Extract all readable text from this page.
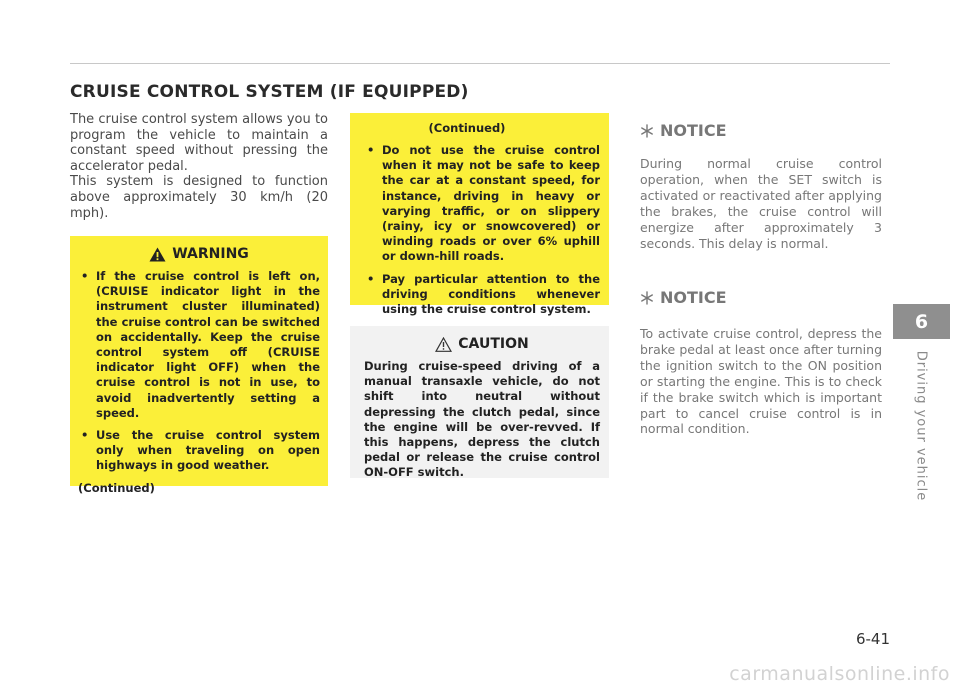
CRUISE CONTROL SYSTEM (IF EQUIPPED)

The cruise control system allows you to program the vehicle to maintain a constant speed without pressing the accelerator pedal.

This system is designed to function above approximately 30 km/h (20 mph).

WARNING
• If the cruise control is left on, (CRUISE indicator light in the instrument cluster illuminated) the cruise control can be switched on accidentally. Keep the cruise control system off (CRUISE indicator light OFF) when the cruise control is not in use, to avoid inadvertently setting a speed.
• Use the cruise control system only when traveling on open highways in good weather.
(Continued)
(Continued)
• Do not use the cruise control when it may not be safe to keep the car at a constant speed, for instance, driving in heavy or varying traffic, or on slippery (rainy, icy or snowcovered) or winding roads or over 6% uphill or down-hill roads.
• Pay particular attention to the driving conditions whenever using the cruise control system.
CAUTION
During cruise-speed driving of a manual transaxle vehicle, do not shift into neutral without depressing the clutch pedal, since the engine will be over-revved. If this happens, depress the clutch pedal or release the cruise control ON-OFF switch.
NOTICE
During normal cruise control operation, when the SET switch is activated or reactivated after applying the brakes, the cruise control will energize after approximately 3 seconds. This delay is normal.
NOTICE
To activate cruise control, depress the brake pedal at least once after turning the ignition switch to the ON position or starting the engine. This is to check if the brake switch which is important part to cancel cruise control is in normal condition.
6
Driving your vehicle
6-41
carmanualsonline.info
